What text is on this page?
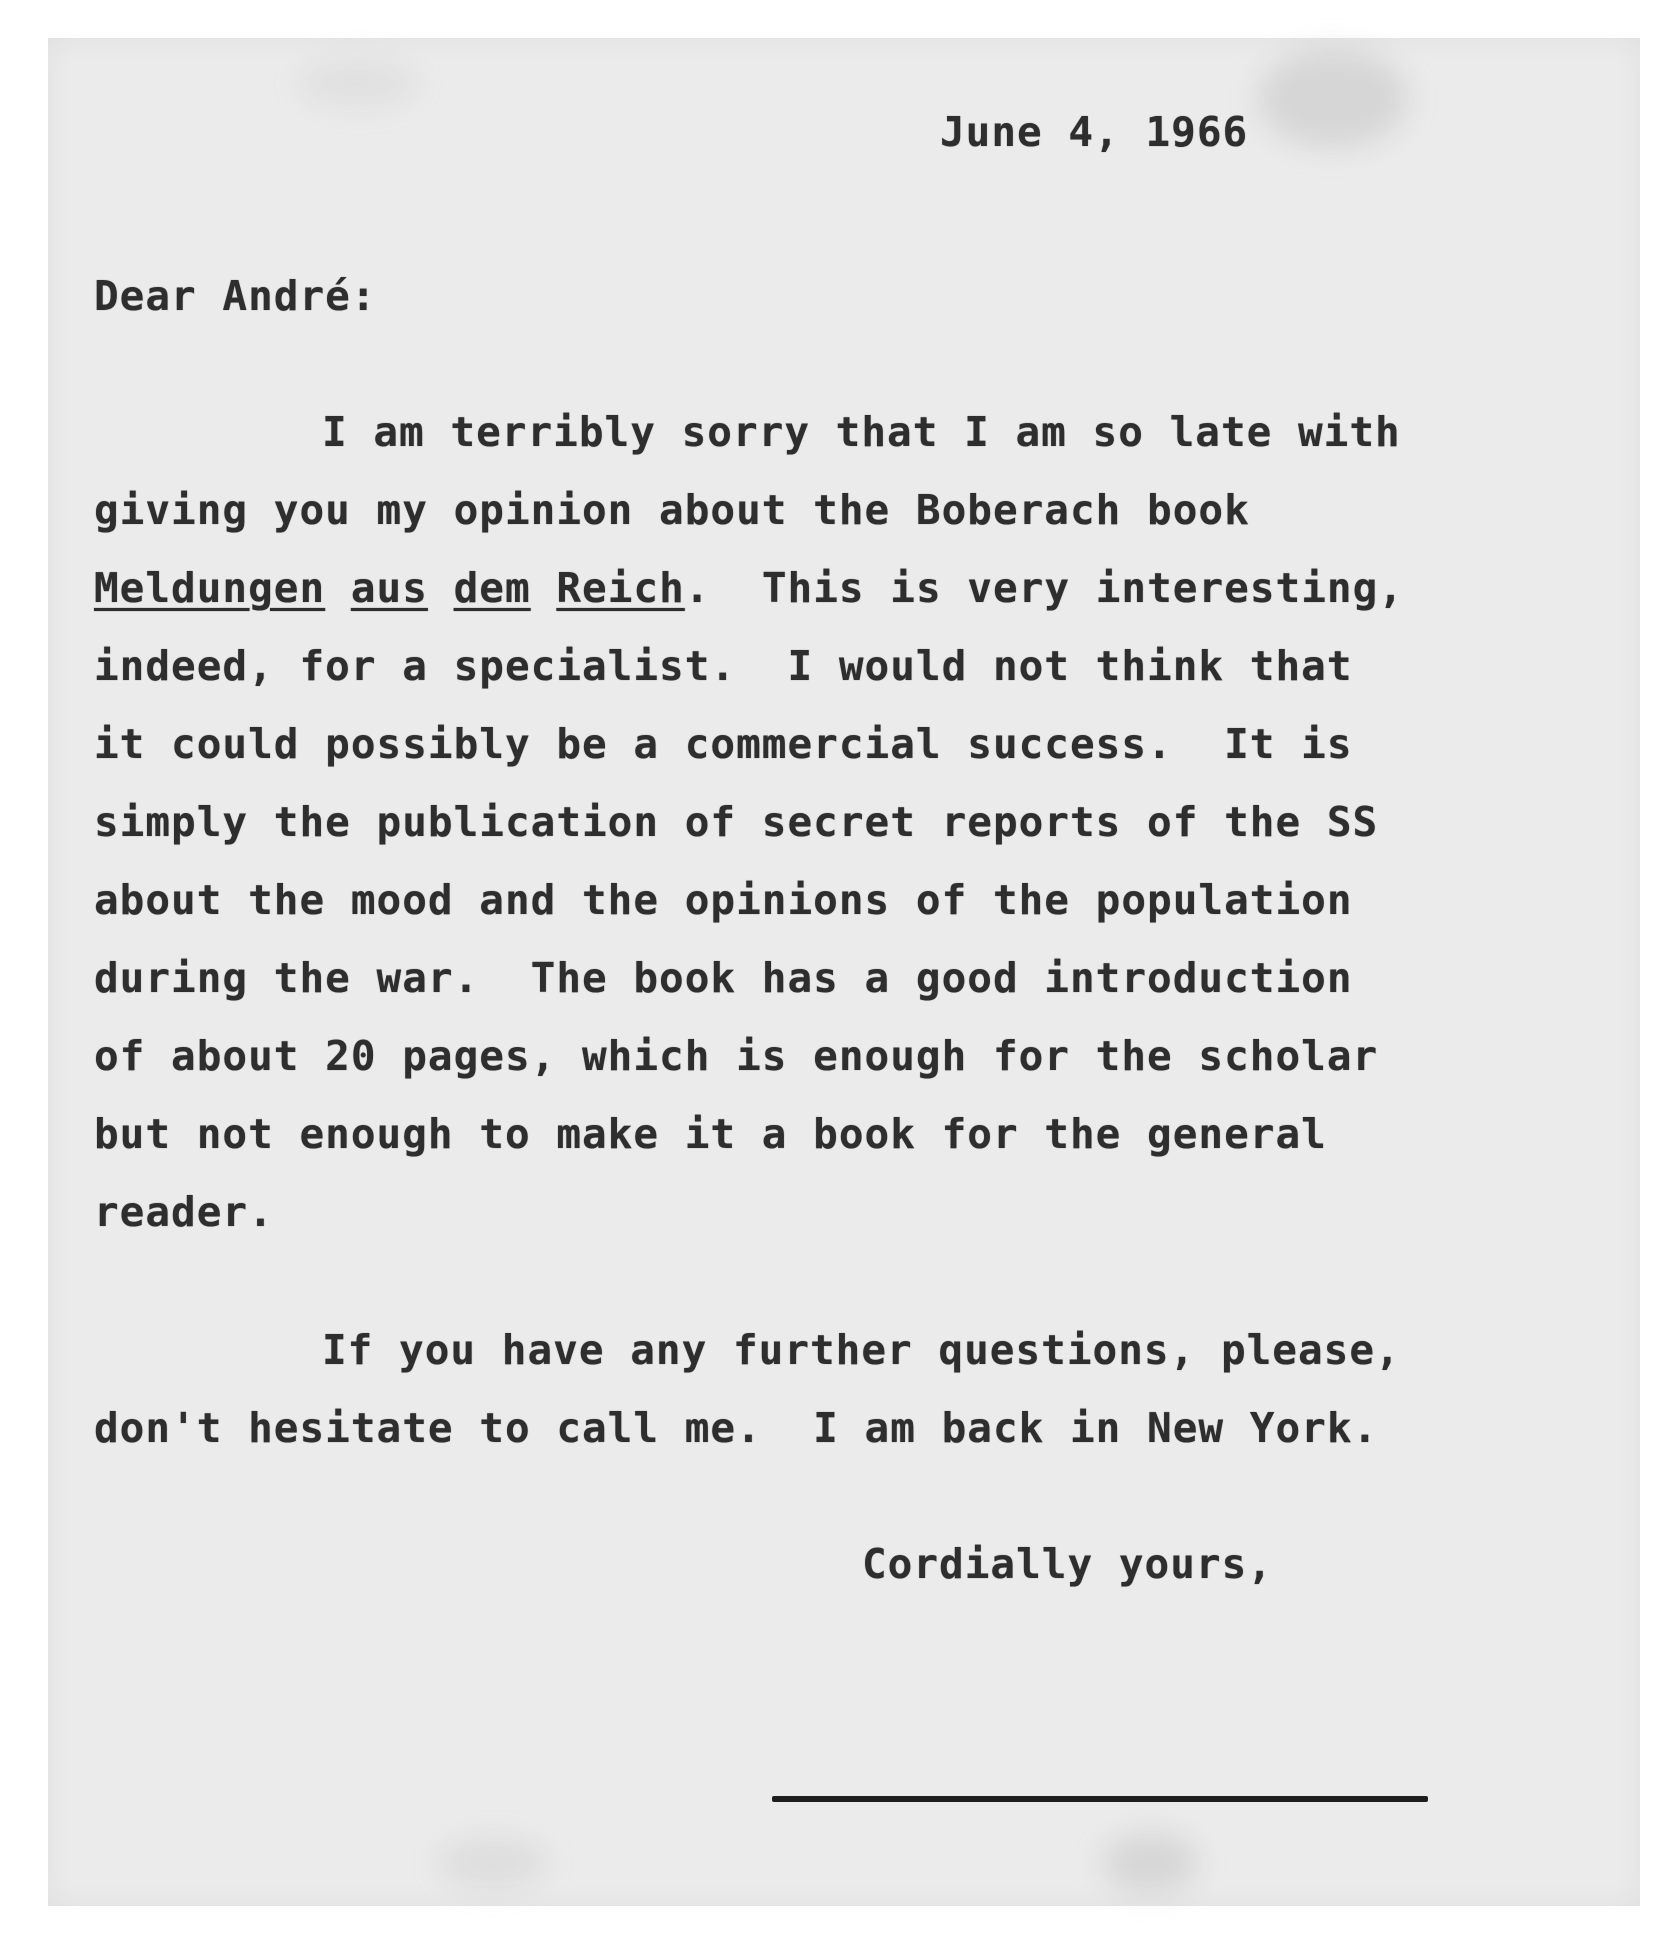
June 4, 1966

Dear André:

I am terribly sorry that I am so late with

giving you my opinion about the Boberach book

Meldungen aus dem Reich.  This is very interesting,

indeed, for a specialist.  I would not think that

it could possibly be a commercial success.  It is

simply the publication of secret reports of the SS

about the mood and the opinions of the population

during the war.  The book has a good introduction

of about 20 pages, which is enough for the scholar

but not enough to make it a book for the general

reader.

If you have any further questions, please,

don't hesitate to call me.  I am back in New York.

Cordially yours,
